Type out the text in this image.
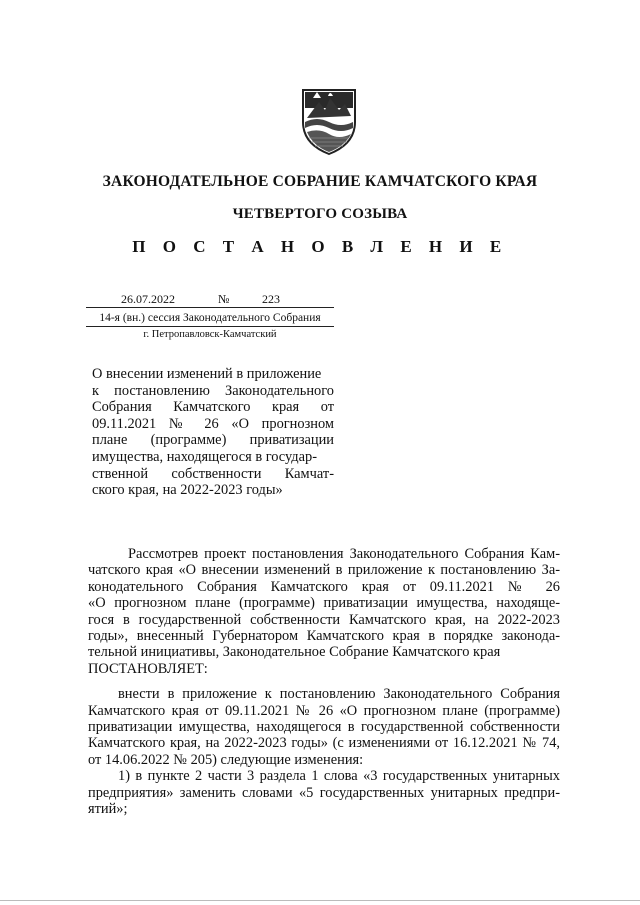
ЗАКОНОДАТЕЛЬНОЕ СОБРАНИЕ КАМЧАТСКОГО КРАЯ
ЧЕТВЕРТОГО СОЗЫВА
П О С Т А Н О В Л Е Н И Е
26.07.2022	№	223
14-я (вн.) сессия Законодательного Собрания
г. Петропавловск-Камчатский
О внесении изменений в приложение
к постановлению Законодательного
Собрания Камчатского края от
09.11.2021 № 26 «О прогнозном
плане (программе) приватизации
имущества, находящегося в государ-
ственной собственности Камчат-
ского края, на 2022-2023 годы»
Рассмотрев проект постановления Законодательного Собрания Кам-
чатского края «О внесении изменений в приложение к постановлению За-
конодательного Собрания Камчатского края от 09.11.2021 № 26
«О прогнозном плане (программе) приватизации имущества, находяще-
гося в государственной собственности Камчатского края, на 2022-2023
годы», внесенный Губернатором Камчатского края в порядке законода-
тельной инициативы, Законодательное Собрание Камчатского края
ПОСТАНОВЛЯЕТ:
внести в приложение к постановлению Законодательного Собрания
Камчатского края от 09.11.2021 № 26 «О прогнозном плане (программе)
приватизации имущества, находящегося в государственной собственности
Камчатского края, на 2022-2023 годы» (с изменениями от 16.12.2021 № 74,
от 14.06.2022 № 205) следующие изменения:
1) в пункте 2 части 3 раздела 1 слова «3 государственных унитарных
предприятия» заменить словами «5 государственных унитарных предпри-
ятий»;
